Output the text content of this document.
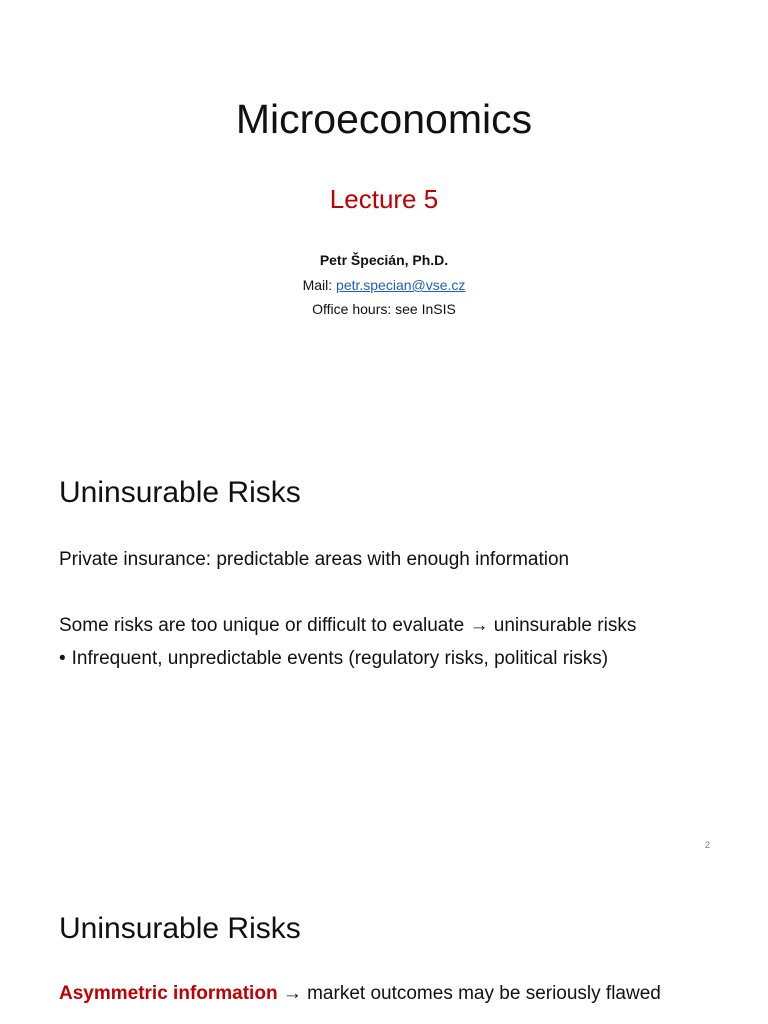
Microeconomics
Lecture 5
Petr Špecián, Ph.D.
Mail: petr.specian@vse.cz
Office hours: see InSIS
Uninsurable Risks
Private insurance: predictable areas with enough information
Some risks are too unique or difficult to evaluate → uninsurable risks
• Infrequent, unpredictable events (regulatory risks, political risks)
2
Uninsurable Risks
Asymmetric information → market outcomes may be seriously flawed
